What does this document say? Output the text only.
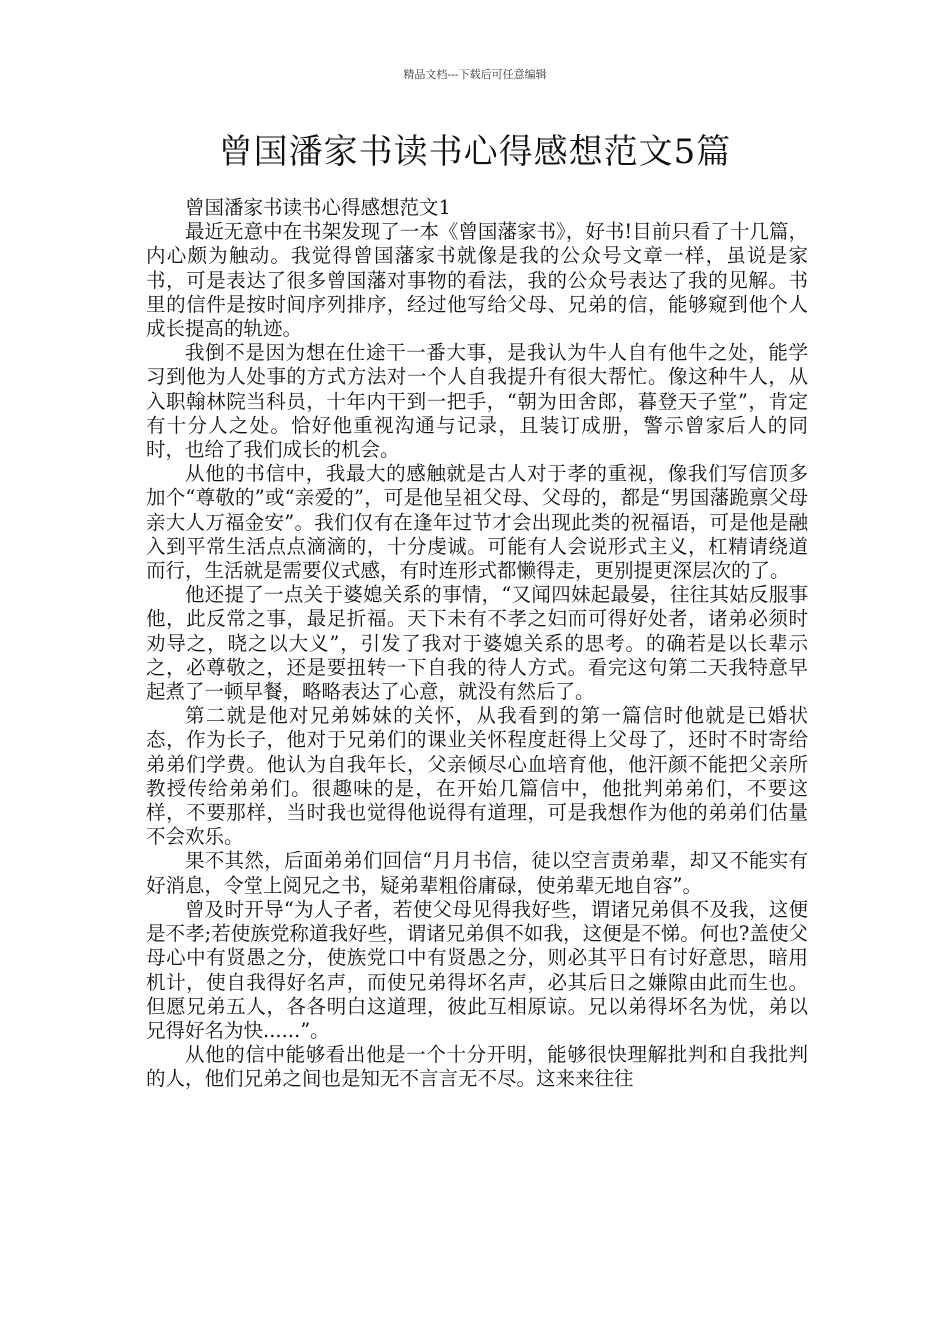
精品文档---下载后可任意编辑
曾国潘家书读书心得感想范文5篇

曾国潘家书读书心得感想范文1

最近无意中在书架发现了一本《曾国藩家书》，好书!目前只看了十几篇，内心颇为触动。我觉得曾国藩家书就像是我的公众号文章一样，虽说是家书，可是表达了很多曾国藩对事物的看法，我的公众号表达了我的见解。书里的信件是按时间序列排序，经过他写给父母、兄弟的信，能够窥到他个人成长提高的轨迹。

我倒不是因为想在仕途干一番大事，是我认为牛人自有他牛之处，能学习到他为人处事的方式方法对一个人自我提升有很大帮忙。像这种牛人，从入职翰林院当科员，十年内干到一把手，“朝为田舍郎，暮登天子堂”，肯定有十分人之处。恰好他重视沟通与记录，且装订成册，警示曾家后人的同时，也给了我们成长的机会。

从他的书信中，我最大的感触就是古人对于孝的重视，像我们写信顶多加个“尊敬的”或“亲爱的”，可是他呈祖父母、父母的，都是“男国藩跪禀父母亲大人万福金安”。我们仅有在逢年过节才会出现此类的祝福语，可是他是融入到平常生活点点滴滴的，十分虔诚。可能有人会说形式主义，杠精请绕道而行，生活就是需要仪式感，有时连形式都懒得走，更别提更深层次的了。

他还提了一点关于婆媳关系的事情，“又闻四妹起最晏，往往其姑反服事他，此反常之事，最足折福。天下未有不孝之妇而可得好处者，诸弟必须时劝导之，晓之以大义”，引发了我对于婆媳关系的思考。的确若是以长辈示之，必尊敬之，还是要扭转一下自我的待人方式。看完这句第二天我特意早起煮了一顿早餐，略略表达了心意，就没有然后了。

第二就是他对兄弟姊妹的关怀，从我看到的第一篇信时他就是已婚状态，作为长子，他对于兄弟们的课业关怀程度赶得上父母了，还时不时寄给弟弟们学费。他认为自我年长，父亲倾尽心血培育他，他汗颜不能把父亲所教授传给弟弟们。很趣味的是，在开始几篇信中，他批判弟弟们，不要这样，不要那样，当时我也觉得他说得有道理，可是我想作为他的弟弟们估量不会欢乐。

果不其然，后面弟弟们回信“月月书信，徒以空言责弟辈，却又不能实有好消息，令堂上阅兄之书，疑弟辈粗俗庸碌，使弟辈无地自容”。

曾及时开导“为人子者，若使父母见得我好些，谓诸兄弟俱不及我，这便是不孝;若使族党称道我好些，谓诸兄弟俱不如我，这便是不悌。何也?盖使父母心中有贤愚之分，使族党口中有贤愚之分，则必其平日有讨好意思，暗用机计，使自我得好名声，而使兄弟得坏名声，必其后日之嫌隙由此而生也。但愿兄弟五人，各各明白这道理，彼此互相原谅。兄以弟得坏名为忧，弟以兄得好名为快......”。

从他的信中能够看出他是一个十分开明，能够很快理解批判和自我批判的人，他们兄弟之间也是知无不言言无不尽。这来来往往
